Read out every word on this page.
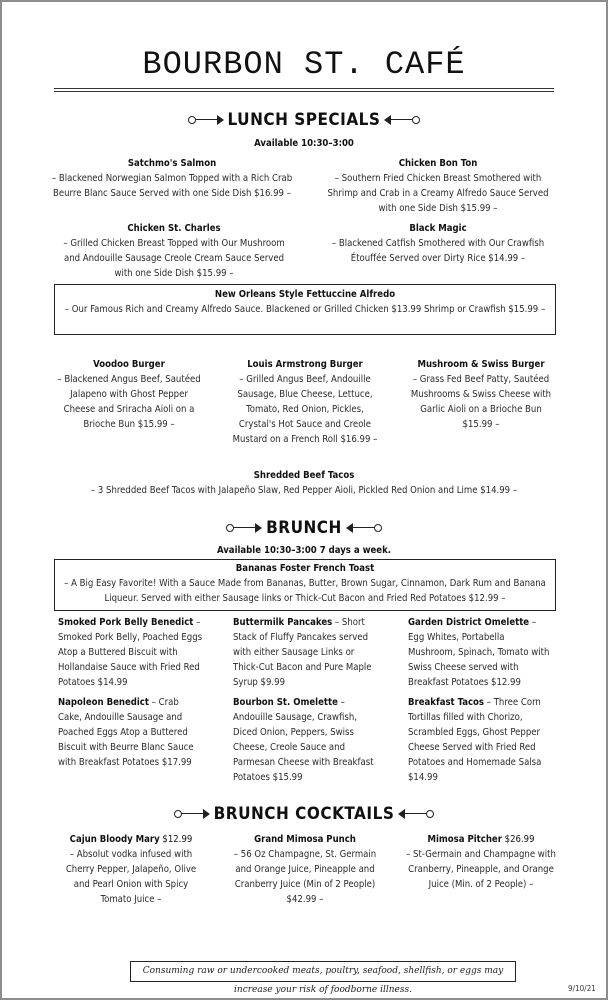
BOURBON ST. CAFÉ
LUNCH SPECIALS
Available 10:30–3:00
Satchmo's Salmon
– Blackened Norwegian Salmon Topped with a Rich Crab Beurre Blanc Sauce Served with one Side Dish $16.99 –
Chicken Bon Ton
– Southern Fried Chicken Breast Smothered with Shrimp and Crab in a Creamy Alfredo Sauce Served with one Side Dish $15.99 –
Chicken St. Charles
– Grilled Chicken Breast Topped with Our Mushroom and Andouille Sausage Creole Cream Sauce Served with one Side Dish $15.99 –
Black Magic
– Blackened Catfish Smothered with Our Crawfish Étouffée Served over Dirty Rice $14.99 –
New Orleans Style Fettuccine Alfredo
– Our Famous Rich and Creamy Alfredo Sauce. Blackened or Grilled Chicken $13.99 Shrimp or Crawfish $15.99 –
Voodoo Burger
– Blackened Angus Beef, Sautéed Jalapeno with Ghost Pepper Cheese and Sriracha Aioli on a Brioche Bun $15.99 –
Louis Armstrong Burger
– Grilled Angus Beef, Andouille Sausage, Blue Cheese, Lettuce, Tomato, Red Onion, Pickles, Crystal's Hot Sauce and Creole Mustard on a French Roll $16.99 –
Mushroom & Swiss Burger
– Grass Fed Beef Patty, Sautéed Mushrooms & Swiss Cheese with Garlic Aioli on a Brioche Bun $15.99 –
Shredded Beef Tacos
– 3 Shredded Beef Tacos with Jalapeño Slaw, Red Pepper Aioli, Pickled Red Onion and Lime $14.99 –
BRUNCH
Available 10:30–3:00 7 days a week.
Bananas Foster French Toast
– A Big Easy Favorite! With a Sauce Made from Bananas, Butter, Brown Sugar, Cinnamon, Dark Rum and Banana Liqueur. Served with either Sausage links or Thick-Cut Bacon and Fried Red Potatoes $12.99 –
Smoked Pork Belly Benedict – Smoked Pork Belly, Poached Eggs Atop a Buttered Biscuit with Hollandaise Sauce with Fried Red Potatoes $14.99
Buttermilk Pancakes – Short Stack of Fluffy Pancakes served with either Sausage Links or Thick-Cut Bacon and Pure Maple Syrup $9.99
Garden District Omelette – Egg Whites, Portabella Mushroom, Spinach, Tomato with Swiss Cheese served with Breakfast Potatoes $12.99
Napoleon Benedict – Crab Cake, Andouille Sausage and Poached Eggs Atop a Buttered Biscuit with Beurre Blanc Sauce with Breakfast Potatoes $17.99
Bourbon St. Omelette – Andouille Sausage, Crawfish, Diced Onion, Peppers, Swiss Cheese, Creole Sauce and Parmesan Cheese with Breakfast Potatoes $15.99
Breakfast Tacos – Three Corn Tortillas filled with Chorizo, Scrambled Eggs, Ghost Pepper Cheese Served with Fried Red Potatoes and Homemade Salsa $14.99
BRUNCH COCKTAILS
Cajun Bloody Mary $12.99
– Absolut vodka infused with Cherry Pepper, Jalapeño, Olive and Pearl Onion with Spicy Tomato Juice –
Grand Mimosa Punch
– 56 Oz Champagne, St. Germain and Orange Juice, Pineapple and Cranberry Juice (Min of 2 People) $42.99 –
Mimosa Pitcher $26.99
– St-Germain and Champagne with Cranberry, Pineapple, and Orange Juice (Min. of 2 People) –
Consuming raw or undercooked meats, poultry, seafood, shellfish, or eggs may increase your risk of foodborne illness.	9/10/21
